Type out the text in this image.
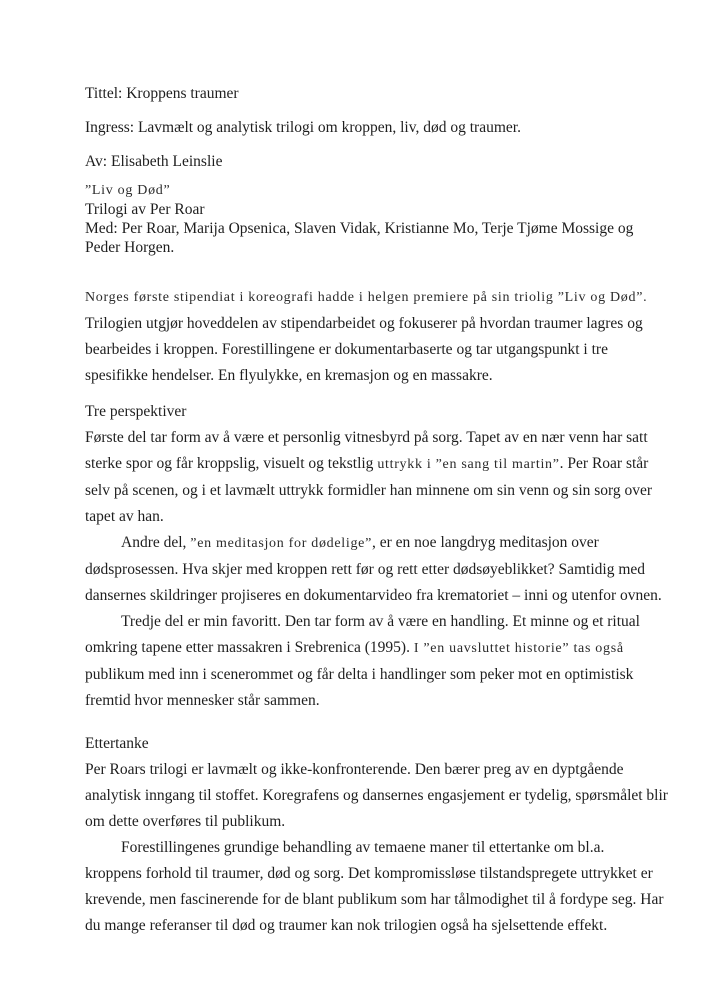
Tittel: Kroppens traumer

Ingress: Lavmælt og analytisk trilogi om kroppen, liv, død og traumer.

Av: Elisabeth Leinslie

”Liv og Død”

Trilogi av Per Roar

Med: Per Roar, Marija Opsenica, Slaven Vidak, Kristianne Mo, Terje Tjøme Mossige og
Peder Horgen.
Norges første stipendiat i koreografi hadde i helgen premiere på sin triolig ”Liv og Død”.
Trilogien utgjør hoveddelen av stipendarbeidet og fokuserer på hvordan traumer lagres og
bearbeides i kroppen. Forestillingene er dokumentarbaserte og tar utgangspunkt i tre
spesifikke hendelser. En flyulykke, en kremasjon og en massakre.

Tre perspektiver

Første del tar form av å være et personlig vitnesbyrd på sorg. Tapet av en nær venn har satt
sterke spor og får kroppslig, visuelt og tekstlig uttrykk i ”en sang til martin”. Per Roar står
selv på scenen, og i et lavmælt uttrykk formidler han minnene om sin venn og sin sorg over
tapet av han.
Andre del, ”en meditasjon for dødelige”, er en noe langdryg meditasjon over
dødsprosessen. Hva skjer med kroppen rett før og rett etter dødsøyeblikket? Samtidig med
dansernes skildringer projiseres en dokumentarvideo fra krematoriet – inni og utenfor ovnen.
Tredje del er min favoritt. Den tar form av å være en handling. Et minne og et ritual
omkring tapene etter massakren i Srebrenica (1995). I ”en uavsluttet historie” tas også
publikum med inn i scenerommet og får delta i handlinger som peker mot en optimistisk
fremtid hvor mennesker står sammen.

Ettertanke

Per Roars trilogi er lavmælt og ikke-konfronterende. Den bærer preg av en dyptgående
analytisk inngang til stoffet. Koregrafens og dansernes engasjement er tydelig, spørsmålet blir
om dette overføres til publikum.
Forestillingenes grundige behandling av temaene maner til ettertanke om bl.a.
kroppens forhold til traumer, død og sorg. Det kompromissløse tilstandspregete uttrykket er
krevende, men fascinerende for de blant publikum som har tålmodighet til å fordype seg. Har
du mange referanser til død og traumer kan nok trilogien også ha sjelsettende effekt.
